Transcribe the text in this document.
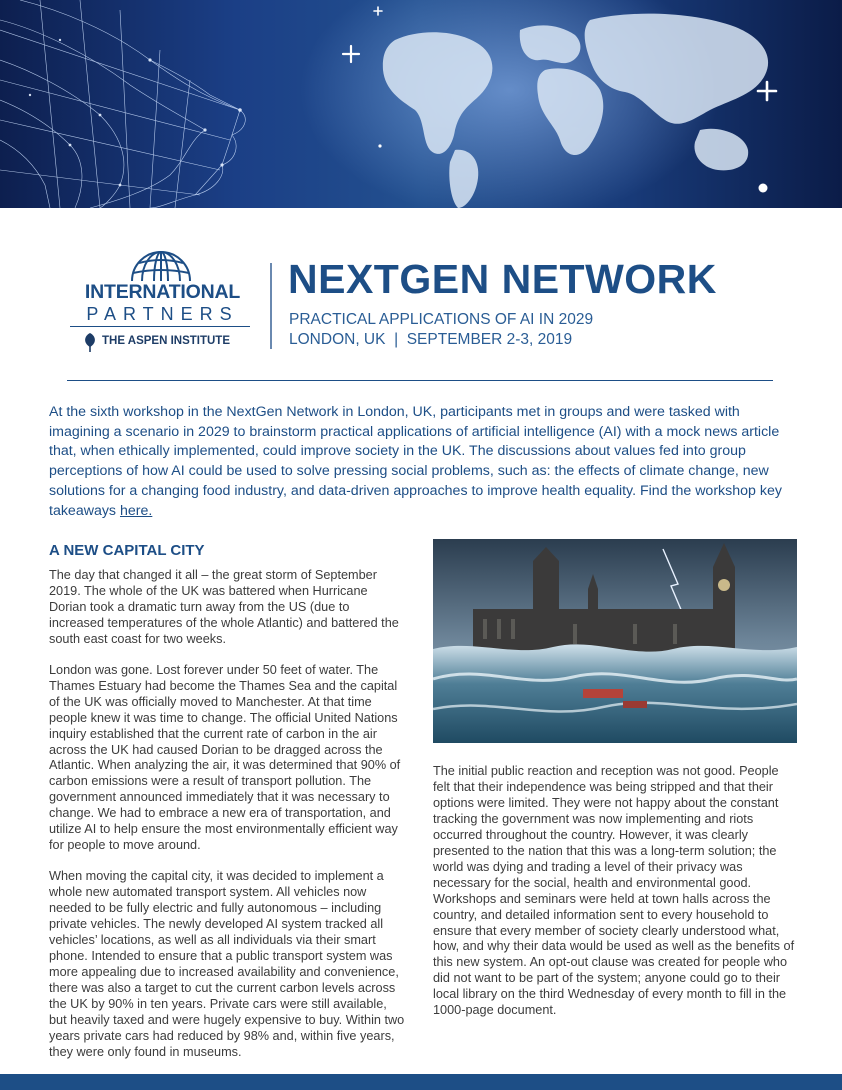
INTERNATIONAL
PARTNERS
THE ASPEN INSTITUTE
NEXTGEN NETWORK
PRACTICAL APPLICATIONS OF AI IN 2029
LONDON, UK  |  SEPTEMBER 2-3, 2019

At the sixth workshop in the NextGen Network in London, UK, participants met in groups and were tasked with imagining a scenario in 2029 to brainstorm practical applications of artificial intelligence (AI) with a mock news article that, when ethically implemented, could improve society in the UK. The discussions about values fed into group perceptions of how AI could be used to solve pressing social problems, such as: the effects of climate change, new solutions for a changing food industry, and data-driven approaches to improve health equality. Find the workshop key takeaways here.

A NEW CAPITAL CITY

The day that changed it all – the great storm of September 2019. The whole of the UK was battered when Hurricane Dorian took a dramatic turn away from the US (due to increased temperatures of the whole Atlantic) and battered the south east coast for two weeks.

London was gone. Lost forever under 50 feet of water. The Thames Estuary had become the Thames Sea and the capital of the UK was officially moved to Manchester. At that time people knew it was time to change. The official United Nations inquiry established that the current rate of carbon in the air across the UK had caused Dorian to be dragged across the Atlantic. When analyzing the air, it was determined that 90% of carbon emissions were a result of transport pollution. The government announced immediately that it was necessary to change. We had to embrace a new era of transportation, and utilize AI to help ensure the most environmentally efficient way for people to move around.

When moving the capital city, it was decided to implement a whole new automated transport system. All vehicles now needed to be fully electric and fully autonomous – including private vehicles. The newly developed AI system tracked all vehicles’ locations, as well as all individuals via their smart phone. Intended to ensure that a public transport system was more appealing due to increased availability and convenience, there was also a target to cut the current carbon levels across the UK by 90% in ten years. Private cars were still available, but heavily taxed and were hugely expensive to buy. Within two years private cars had reduced by 98% and, within five years, they were only found in museums.

The initial public reaction and reception was not good. People felt that their independence was being stripped and that their options were limited. They were not happy about the constant tracking the government was now implementing and riots occurred throughout the country. However, it was clearly presented to the nation that this was a long-term solution; the world was dying and trading a level of their privacy was necessary for the social, health and environmental good. Workshops and seminars were held at town halls across the country, and detailed information sent to every household to ensure that every member of society clearly understood what, how, and why their data would be used as well as the benefits of this new system. An opt-out clause was created for people who did not want to be part of the system; anyone could go to their local library on the third Wednesday of every month to fill in the 1000-page document.
